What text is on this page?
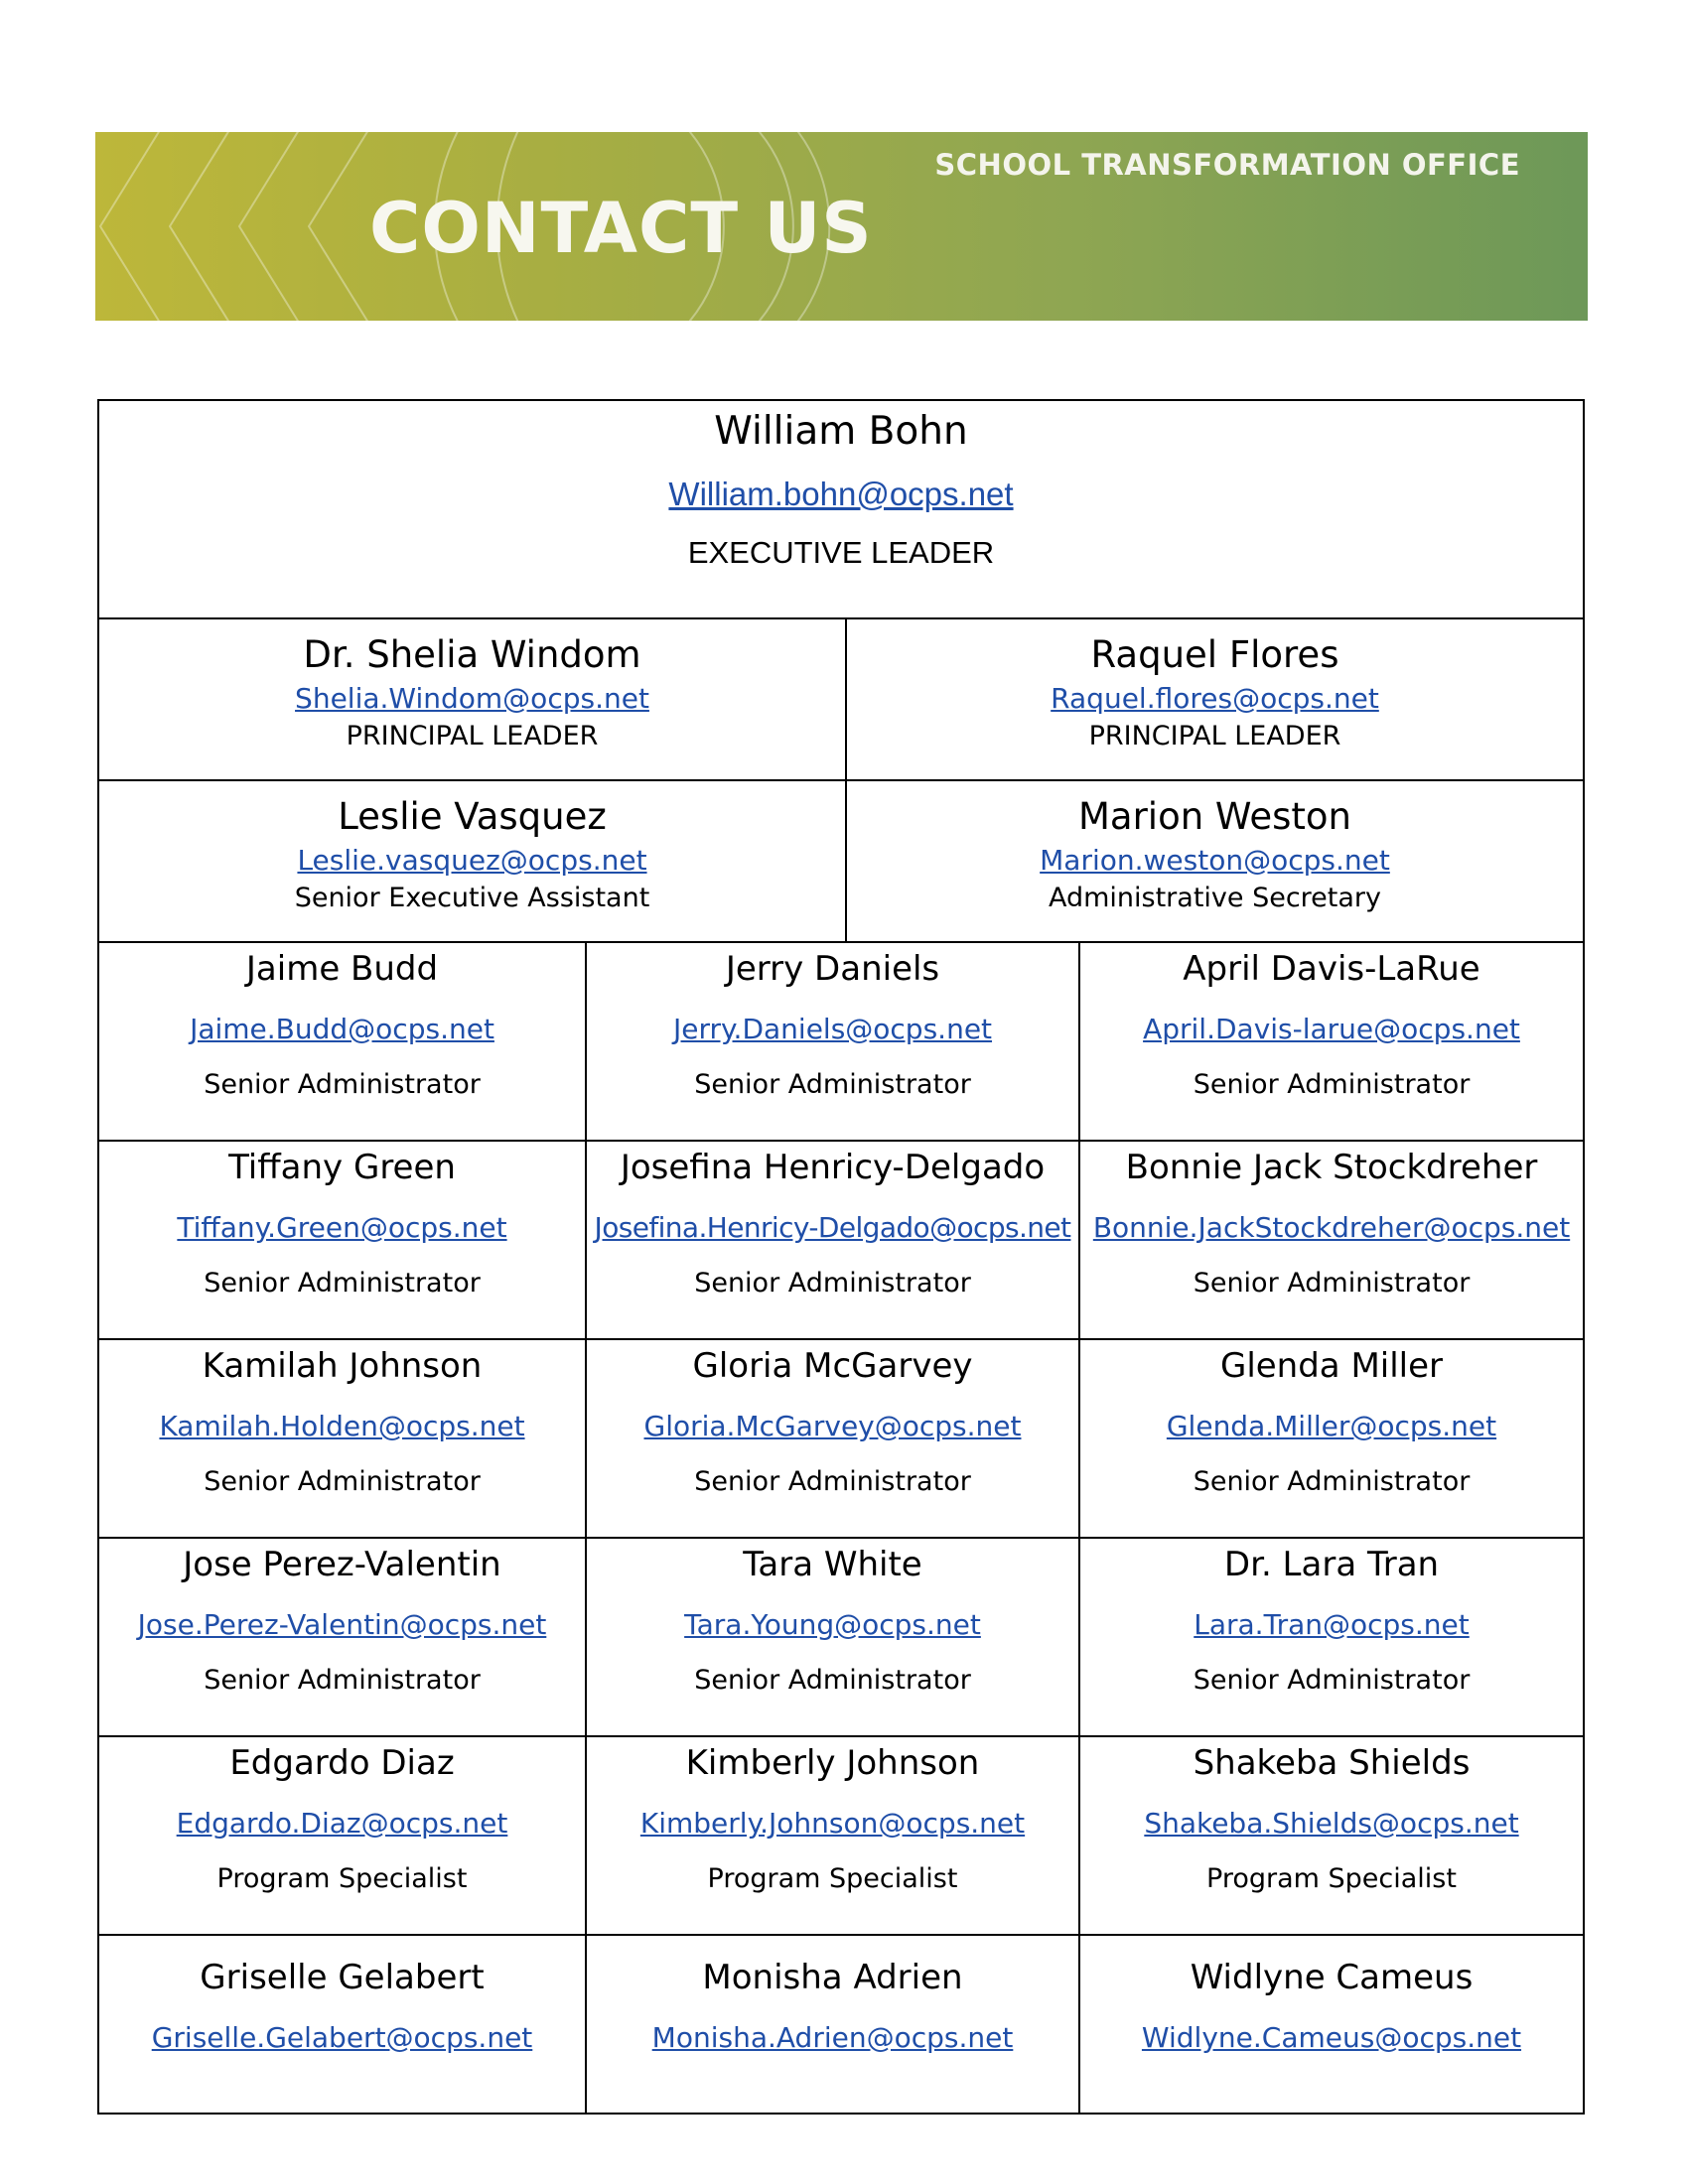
CONTACT US
SCHOOL TRANSFORMATION OFFICE
William Bohn
William.bohn@ocps.net
EXECUTIVE LEADER
Dr. Shelia Windom
Shelia.Windom@ocps.net
PRINCIPAL LEADER
Raquel Flores
Raquel.flores@ocps.net
PRINCIPAL LEADER
Leslie Vasquez
Leslie.vasquez@ocps.net
Senior Executive Assistant
Marion Weston
Marion.weston@ocps.net
Administrative Secretary
Jaime Budd
Jaime.Budd@ocps.net
Senior Administrator
Jerry Daniels
Jerry.Daniels@ocps.net
Senior Administrator
April Davis-LaRue
April.Davis-larue@ocps.net
Senior Administrator
Tiffany Green
Tiffany.Green@ocps.net
Senior Administrator
Josefina Henricy-Delgado
Josefina.Henricy-Delgado@ocps.net
Senior Administrator
Bonnie Jack Stockdreher
Bonnie.JackStockdreher@ocps.net
Senior Administrator
Kamilah Johnson
Kamilah.Holden@ocps.net
Senior Administrator
Gloria McGarvey
Gloria.McGarvey@ocps.net
Senior Administrator
Glenda Miller
Glenda.Miller@ocps.net
Senior Administrator
Jose Perez-Valentin
Jose.Perez-Valentin@ocps.net
Senior Administrator
Tara White
Tara.Young@ocps.net
Senior Administrator
Dr. Lara Tran
Lara.Tran@ocps.net
Senior Administrator
Edgardo Diaz
Edgardo.Diaz@ocps.net
Program Specialist
Kimberly Johnson
Kimberly.Johnson@ocps.net
Program Specialist
Shakeba Shields
Shakeba.Shields@ocps.net
Program Specialist
Griselle Gelabert
Griselle.Gelabert@ocps.net
Monisha Adrien
Monisha.Adrien@ocps.net
Widlyne Cameus
Widlyne.Cameus@ocps.net
